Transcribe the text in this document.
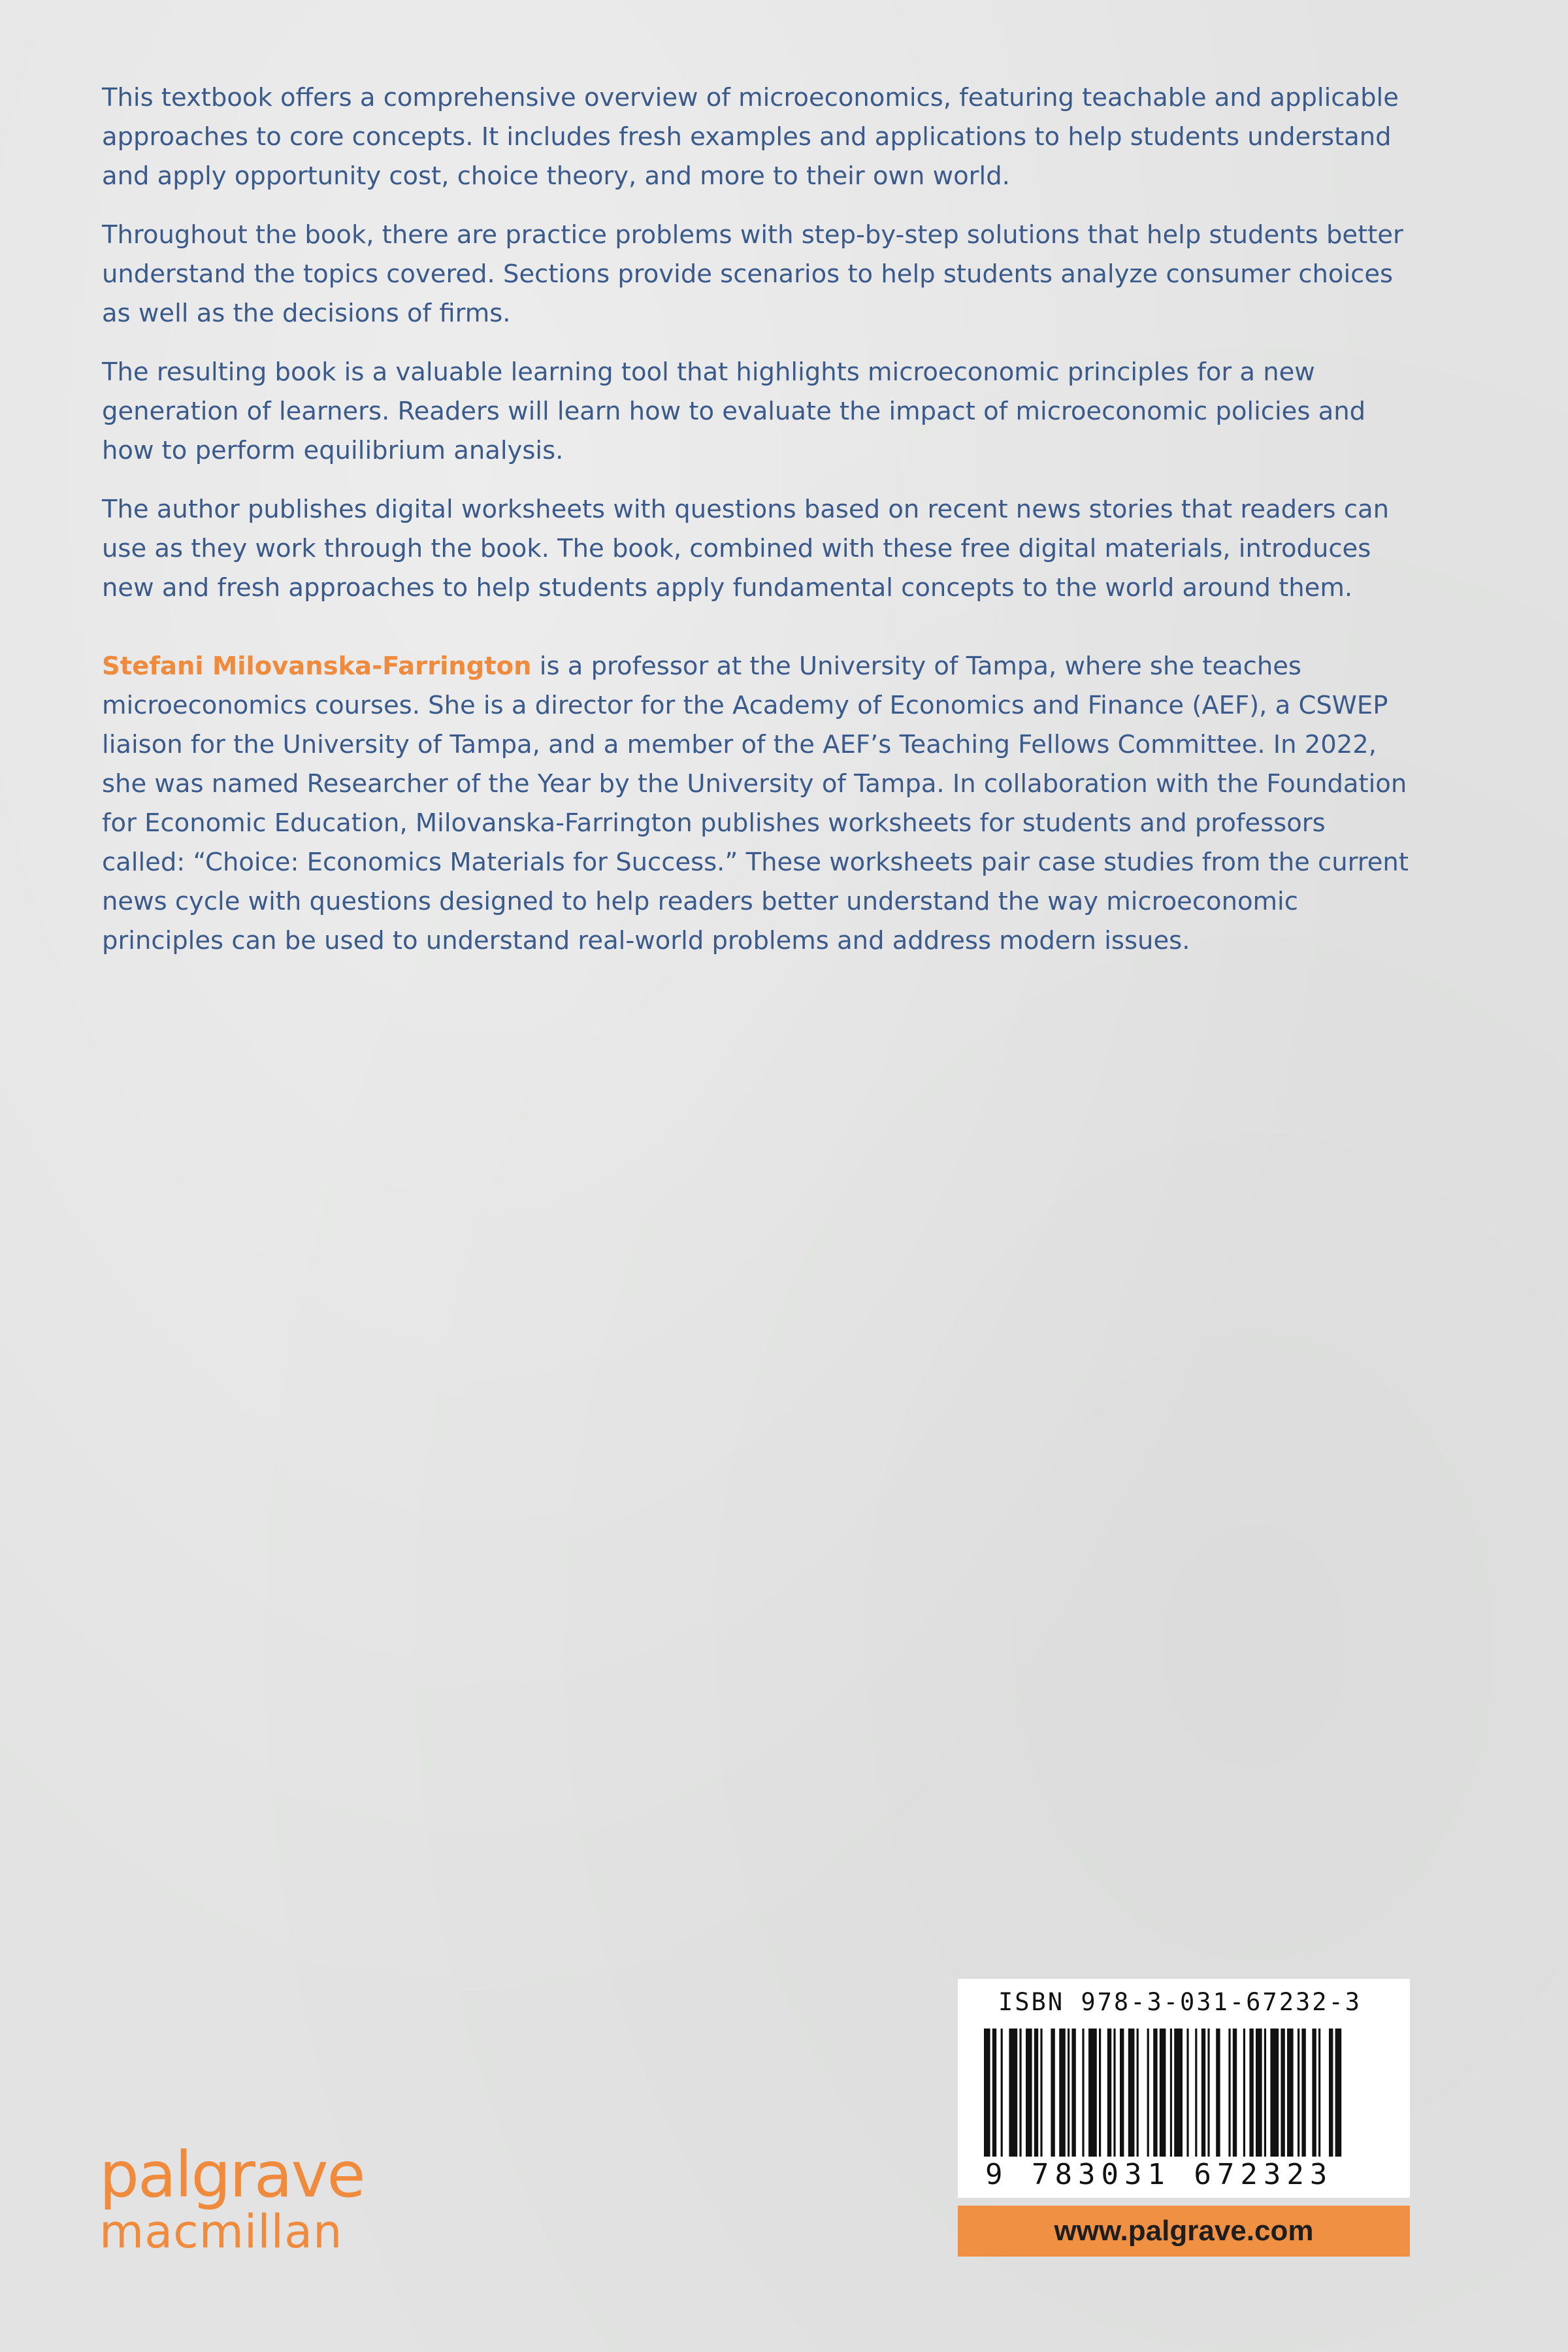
This textbook offers a comprehensive overview of microeconomics, featuring teachable and applicable approaches to core concepts. It includes fresh examples and applications to help students understand and apply opportunity cost, choice theory, and more to their own world.

Throughout the book, there are practice problems with step-by-step solutions that help students better understand the topics covered. Sections provide scenarios to help students analyze consumer choices as well as the decisions of firms.

The resulting book is a valuable learning tool that highlights microeconomic principles for a new generation of learners. Readers will learn how to evaluate the impact of microeconomic policies and how to perform equilibrium analysis.

The author publishes digital worksheets with questions based on recent news stories that readers can use as they work through the book. The book, combined with these free digital materials, introduces new and fresh approaches to help students apply fundamental concepts to the world around them.

Stefani Milovanska-Farrington is a professor at the University of Tampa, where she teaches microeconomics courses. She is a director for the Academy of Economics and Finance (AEF), a CSWEP liaison for the University of Tampa, and a member of the AEF’s Teaching Fellows Committee. In 2022, she was named Researcher of the Year by the University of Tampa. In collaboration with the Foundation for Economic Education, Milovanska-Farrington publishes worksheets for students and professors called: “Choice: Economics Materials for Success.” These worksheets pair case studies from the current news cycle with questions designed to help readers better understand the way microeconomic principles can be used to understand real-world problems and address modern issues.

palgrave
macmillan
ISBN 978-3-031-67232-3
9 783031 672323
www.palgrave.com
